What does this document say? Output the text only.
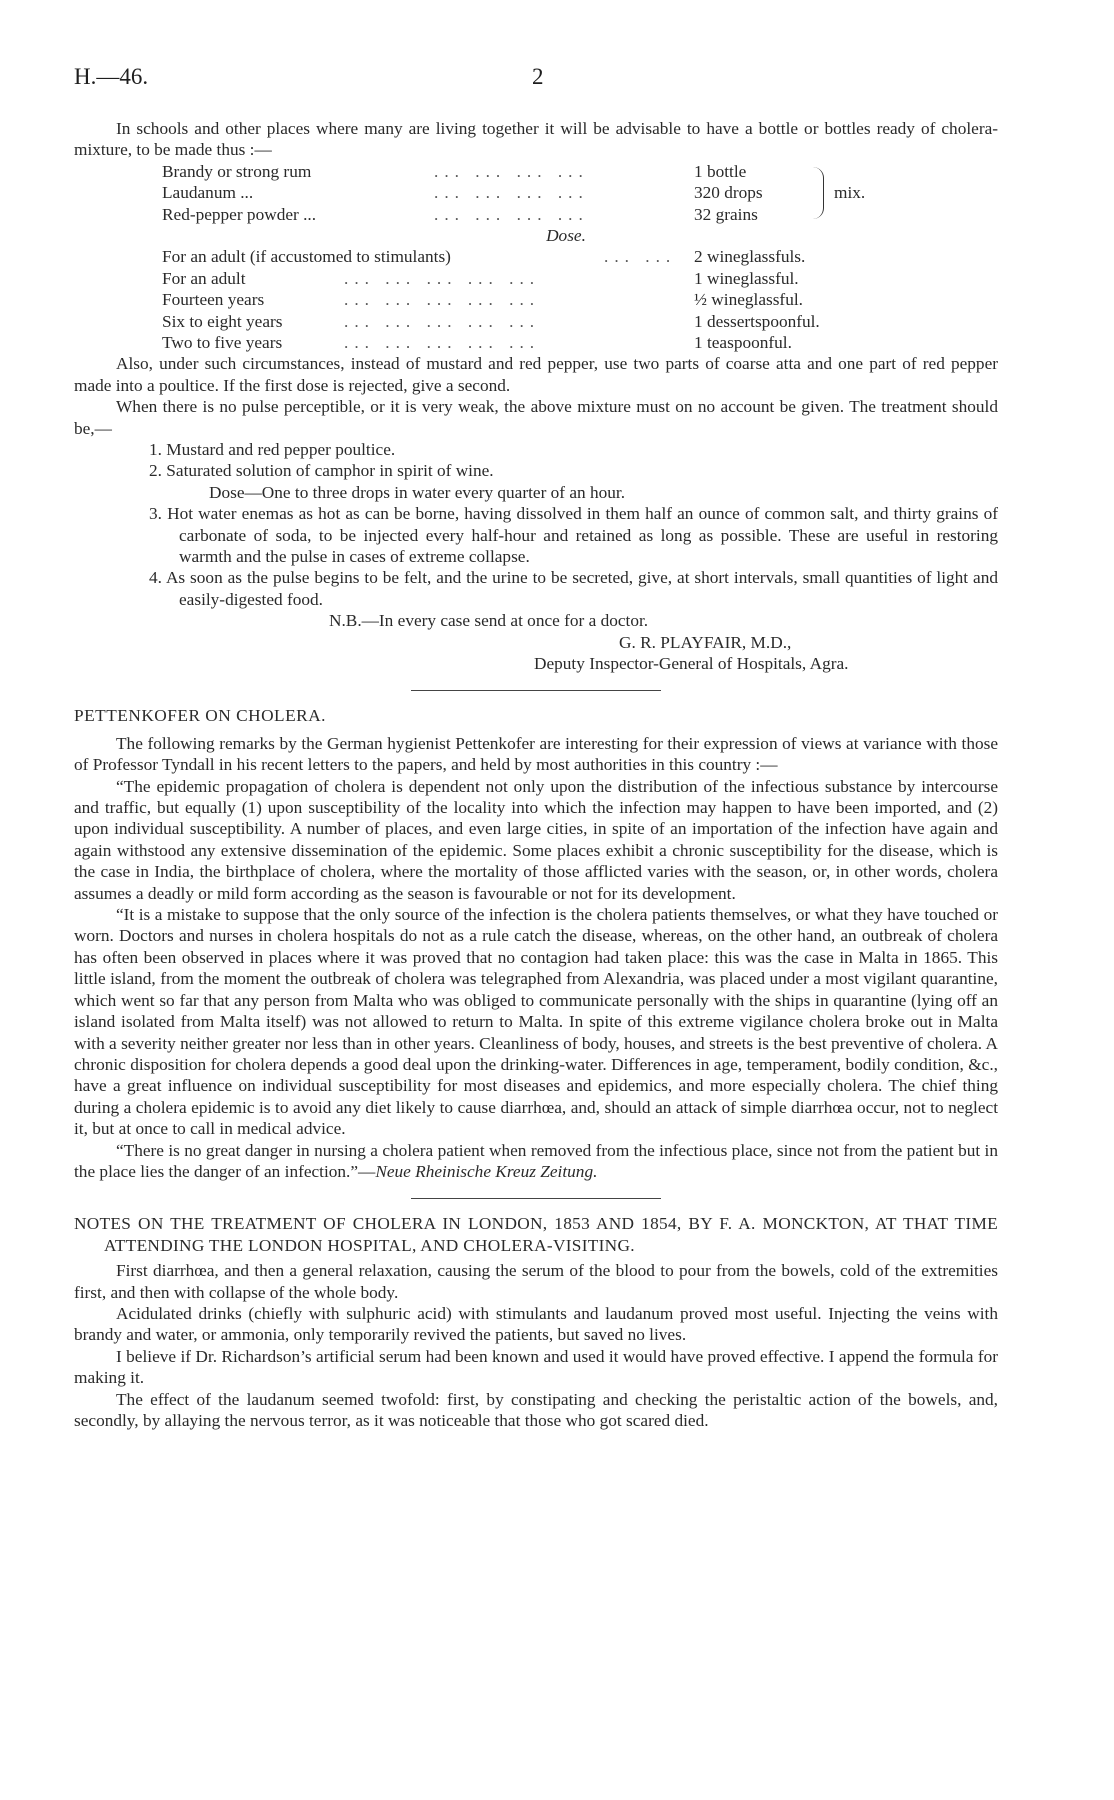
H.—46.	2

In schools and other places where many are living together it will be advisable to have a bottle or bottles ready of cholera-mixture, to be made thus :—

Brandy or strong rum	... ... ... ...	1 bottle
Laudanum ...	... ... ... ...	320 drops	mix.
Red-pepper powder ...	... ... ... ...	32 grains
Dose.
For an adult (if accustomed to stimulants)	... ... 2 wineglassfuls.
For an adult	... ... ... ... ...	1 wineglassful.
Fourteen years	... ... ... ... ...	½ wineglassful.
Six to eight years	... ... ... ... ...	1 dessertspoonful.
Two to five years	... ... ... ... ...	1 teaspoonful.

Also, under such circumstances, instead of mustard and red pepper, use two parts of coarse atta and one part of red pepper made into a poultice. If the first dose is rejected, give a second.

When there is no pulse perceptible, or it is very weak, the above mixture must on no account be given. The treatment should be,—

1. Mustard and red pepper poultice.

2. Saturated solution of camphor in spirit of wine.

Dose—One to three drops in water every quarter of an hour.

3. Hot water enemas as hot as can be borne, having dissolved in them half an ounce of common salt, and thirty grains of carbonate of soda, to be injected every half-hour and retained as long as possible. These are useful in restoring warmth and the pulse in cases of extreme collapse.

4. As soon as the pulse begins to be felt, and the urine to be secreted, give, at short intervals, small quantities of light and easily-digested food.

N.B.—In every case send at once for a doctor.

G. R. PLAYFAIR, M.D.,

Deputy Inspector-General of Hospitals, Agra.

PETTENKOFER ON CHOLERA.

The following remarks by the German hygienist Pettenkofer are interesting for their expression of views at variance with those of Professor Tyndall in his recent letters to the papers, and held by most authorities in this country :—

“The epidemic propagation of cholera is dependent not only upon the distribution of the infectious substance by intercourse and traffic, but equally (1) upon susceptibility of the locality into which the infection may happen to have been imported, and (2) upon individual susceptibility. A number of places, and even large cities, in spite of an importation of the infection have again and again withstood any extensive dissemination of the epidemic. Some places exhibit a chronic susceptibility for the disease, which is the case in India, the birthplace of cholera, where the mortality of those afflicted varies with the season, or, in other words, cholera assumes a deadly or mild form according as the season is favourable or not for its development.

“It is a mistake to suppose that the only source of the infection is the cholera patients themselves, or what they have touched or worn. Doctors and nurses in cholera hospitals do not as a rule catch the disease, whereas, on the other hand, an outbreak of cholera has often been observed in places where it was proved that no contagion had taken place: this was the case in Malta in 1865. This little island, from the moment the outbreak of cholera was telegraphed from Alexandria, was placed under a most vigilant quarantine, which went so far that any person from Malta who was obliged to communicate personally with the ships in quarantine (lying off an island isolated from Malta itself) was not allowed to return to Malta. In spite of this extreme vigilance cholera broke out in Malta with a severity neither greater nor less than in other years. Cleanliness of body, houses, and streets is the best preventive of cholera. A chronic disposition for cholera depends a good deal upon the drinking-water. Differences in age, temperament, bodily condition, &c., have a great influence on individual susceptibility for most diseases and epidemics, and more especially cholera. The chief thing during a cholera epidemic is to avoid any diet likely to cause diarrhœa, and, should an attack of simple diarrhœa occur, not to neglect it, but at once to call in medical advice.

“There is no great danger in nursing a cholera patient when removed from the infectious place, since not from the patient but in the place lies the danger of an infection.”—Neue Rheinische Kreuz Zeitung.

NOTES ON THE TREATMENT OF CHOLERA IN LONDON, 1853 AND 1854, BY F. A. MONCKTON, AT THAT TIME ATTENDING THE LONDON HOSPITAL, AND CHOLERA-VISITING.

First diarrhœa, and then a general relaxation, causing the serum of the blood to pour from the bowels, cold of the extremities first, and then with collapse of the whole body.

Acidulated drinks (chiefly with sulphuric acid) with stimulants and laudanum proved most useful. Injecting the veins with brandy and water, or ammonia, only temporarily revived the patients, but saved no lives.

I believe if Dr. Richardson’s artificial serum had been known and used it would have proved effective. I append the formula for making it.

The effect of the laudanum seemed twofold: first, by constipating and checking the peristaltic action of the bowels, and, secondly, by allaying the nervous terror, as it was noticeable that those who got scared died.
